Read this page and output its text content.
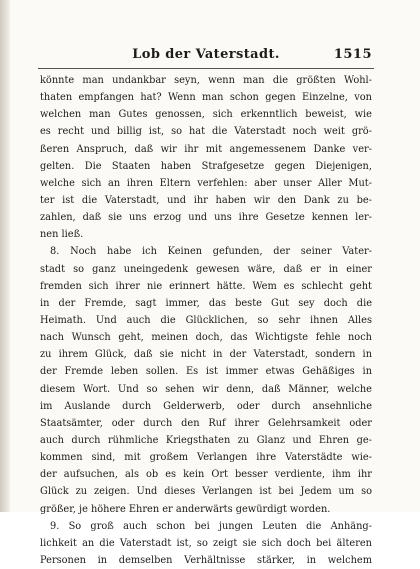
Lob der Vaterstadt.	1515
könnte man undankbar seyn, wenn man die größten Wohl-
thaten empfangen hat? Wenn man schon gegen Einzelne, von
welchen man Gutes genossen, sich erkenntlich beweist, wie
es recht und billig ist, so hat die Vaterstadt noch weit grö-
ßeren Anspruch, daß wir ihr mit angemessenem Danke ver-
gelten. Die Staaten haben Strafgesetze gegen Diejenigen,
welche sich an ihren Eltern verfehlen: aber unser Aller Mut-
ter ist die Vaterstadt, und ihr haben wir den Dank zu be-
zahlen, daß sie uns erzog und uns ihre Gesetze kennen ler-
nen ließ.
8. Noch habe ich Keinen gefunden, der seiner Vater-
stadt so ganz uneingedenk gewesen wäre, daß er in einer
fremden sich ihrer nie erinnert hätte. Wem es schlecht geht
in der Fremde, sagt immer, das beste Gut sey doch die
Heimath. Und auch die Glücklichen, so sehr ihnen Alles
nach Wunsch geht, meinen doch, das Wichtigste fehle noch
zu ihrem Glück, daß sie nicht in der Vaterstadt, sondern in
der Fremde leben sollen. Es ist immer etwas Gehäßiges in
diesem Wort. Und so sehen wir denn, daß Männer, welche
im Auslande durch Gelderwerb, oder durch ansehnliche
Staatsämter, oder durch den Ruf ihrer Gelehrsamkeit oder
auch durch rühmliche Kriegsthaten zu Glanz und Ehren ge-
kommen sind, mit großem Verlangen ihre Vaterstädte wie-
der aufsuchen, als ob es kein Ort besser verdiente, ihm ihr
Glück zu zeigen. Und dieses Verlangen ist bei Jedem um so
größer, je höhere Ehren er anderwärts gewürdigt worden.
9. So groß auch schon bei jungen Leuten die Anhäng-
lichkeit an die Vaterstadt ist, so zeigt sie sich doch bei älteren
Personen in demselben Verhältnisse stärker, in welchem
